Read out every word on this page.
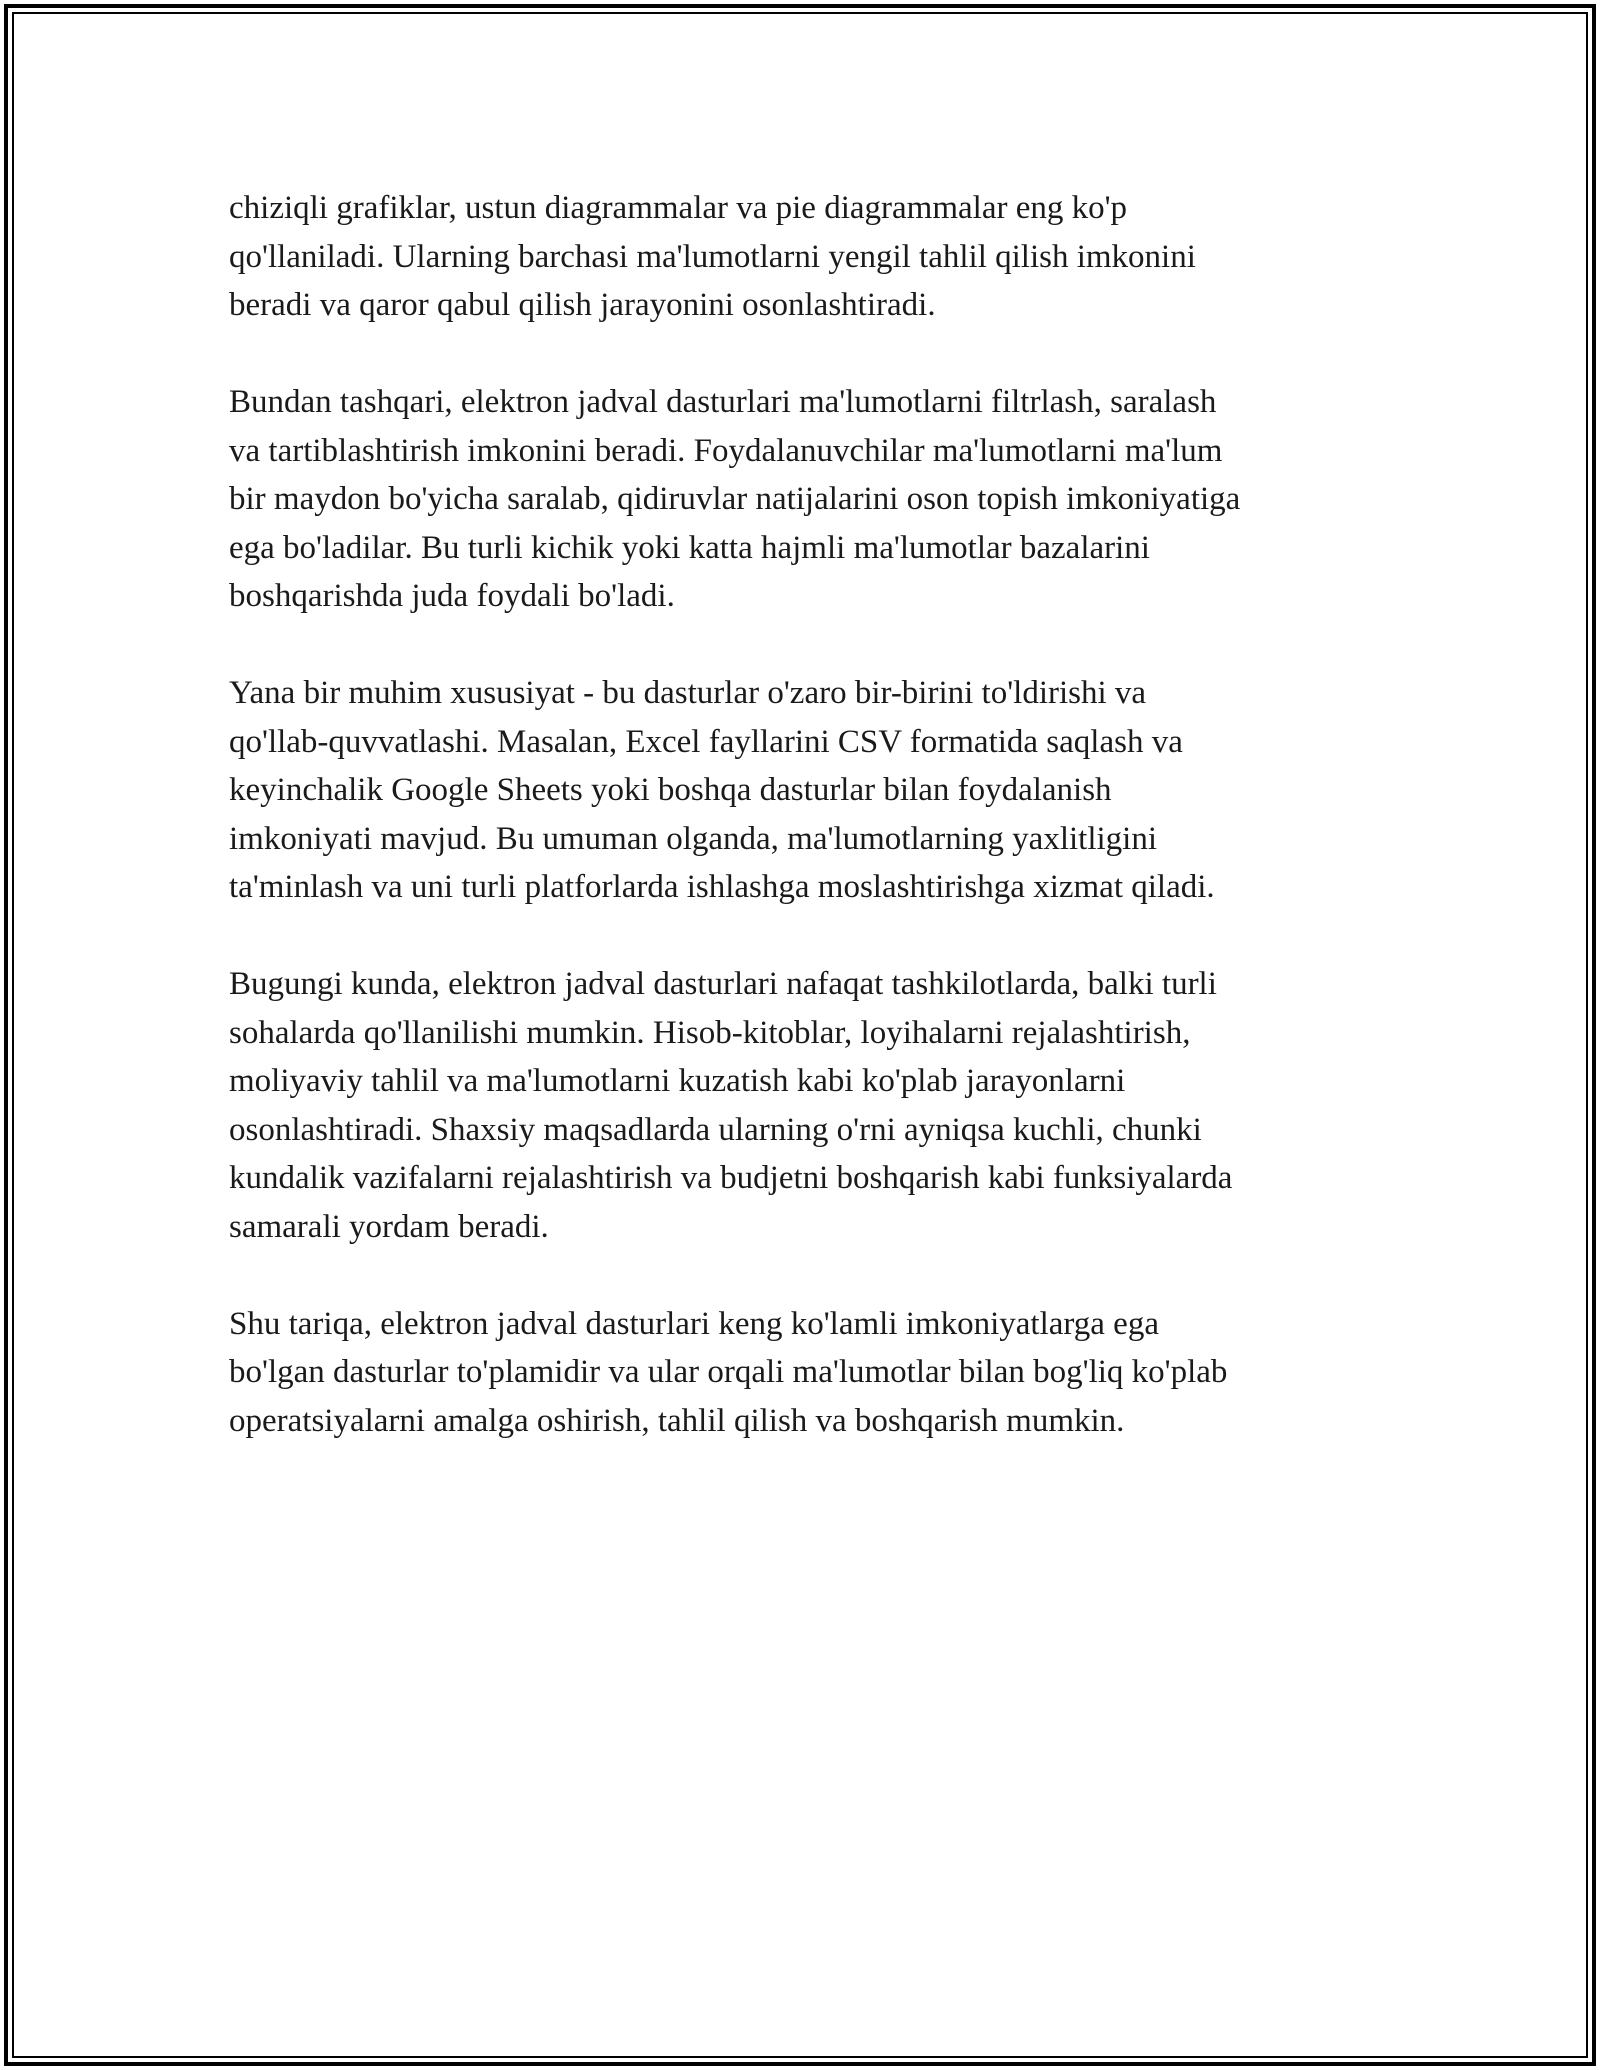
chiziqli grafiklar, ustun diagrammalar va pie diagrammalar eng ko'p
qo'llaniladi. Ularning barchasi ma'lumotlarni yengil tahlil qilish imkonini
beradi va qaror qabul qilish jarayonini osonlashtiradi.

Bundan tashqari, elektron jadval dasturlari ma'lumotlarni filtrlash, saralash
va tartiblashtirish imkonini beradi. Foydalanuvchilar ma'lumotlarni ma'lum
bir maydon bo'yicha saralab, qidiruvlar natijalarini oson topish imkoniyatiga
ega bo'ladilar. Bu turli kichik yoki katta hajmli ma'lumotlar bazalarini
boshqarishda juda foydali bo'ladi.

Yana bir muhim xususiyat - bu dasturlar o'zaro bir-birini to'ldirishi va
qo'llab-quvvatlashi. Masalan, Excel fayllarini CSV formatida saqlash va
keyinchalik Google Sheets yoki boshqa dasturlar bilan foydalanish
imkoniyati mavjud. Bu umuman olganda, ma'lumotlarning yaxlitligini
ta'minlash va uni turli platforlarda ishlashga moslashtirishga xizmat qiladi.

Bugungi kunda, elektron jadval dasturlari nafaqat tashkilotlarda, balki turli
sohalarda qo'llanilishi mumkin. Hisob-kitoblar, loyihalarni rejalashtirish,
moliyaviy tahlil va ma'lumotlarni kuzatish kabi ko'plab jarayonlarni
osonlashtiradi. Shaxsiy maqsadlarda ularning o'rni ayniqsa kuchli, chunki
kundalik vazifalarni rejalashtirish va budjetni boshqarish kabi funksiyalarda
samarali yordam beradi.

Shu tariqa, elektron jadval dasturlari keng ko'lamli imkoniyatlarga ega
bo'lgan dasturlar to'plamidir va ular orqali ma'lumotlar bilan bog'liq ko'plab
operatsiyalarni amalga oshirish, tahlil qilish va boshqarish mumkin.
